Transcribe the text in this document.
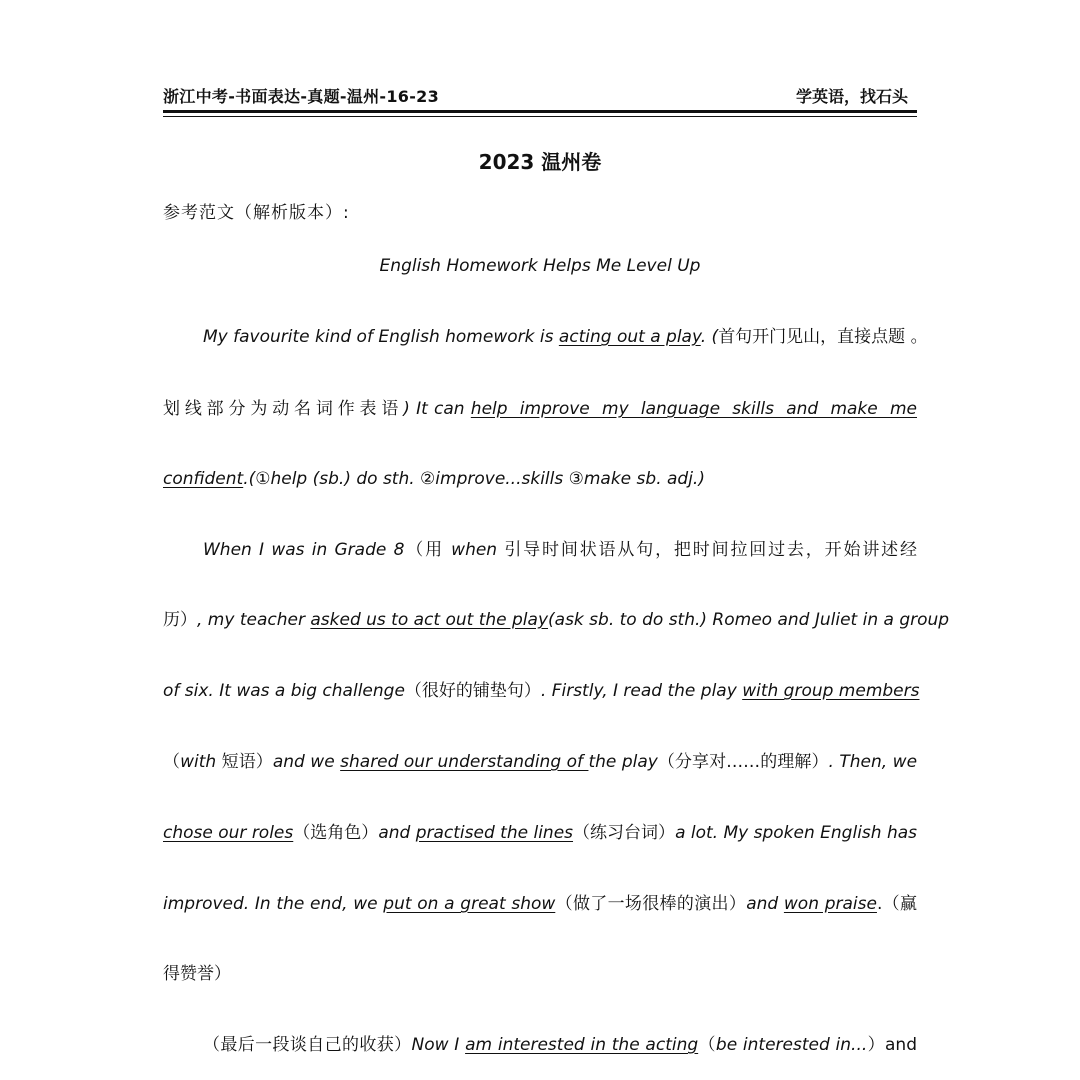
浙江中考-书面表达-真题-温州-16-23	学英语，找石头
2023 温州卷
参考范文（解析版本）:
English Homework Helps Me Level Up
My favourite kind of English homework is acting out a play. (首句开门见山，直接点题 。
划线部分为动名词作表语) It can help improve my language skills and make me
confident.(①help (sb.) do sth. ②improve...skills ③make sb. adj.)
When I was in Grade 8（用 when 引导时间状语从句，把时间拉回过去，开始讲述经
历）, my teacher asked us to act out the play(ask sb. to do sth.) Romeo and Juliet in a group
of six. It was a big challenge（很好的铺垫句）. Firstly, I read the play with group members
（with 短语）and we shared our understanding of the play（分享对……的理解）. Then, we
chose our roles（选角色）and practised the lines（练习台词）a lot. My spoken English has
improved. In the end, we put on a great show（做了一场很棒的演出）and won praise.（赢
得赞誉）
（最后一段谈自己的收获）Now I am interested in the acting（be interested in...）and
